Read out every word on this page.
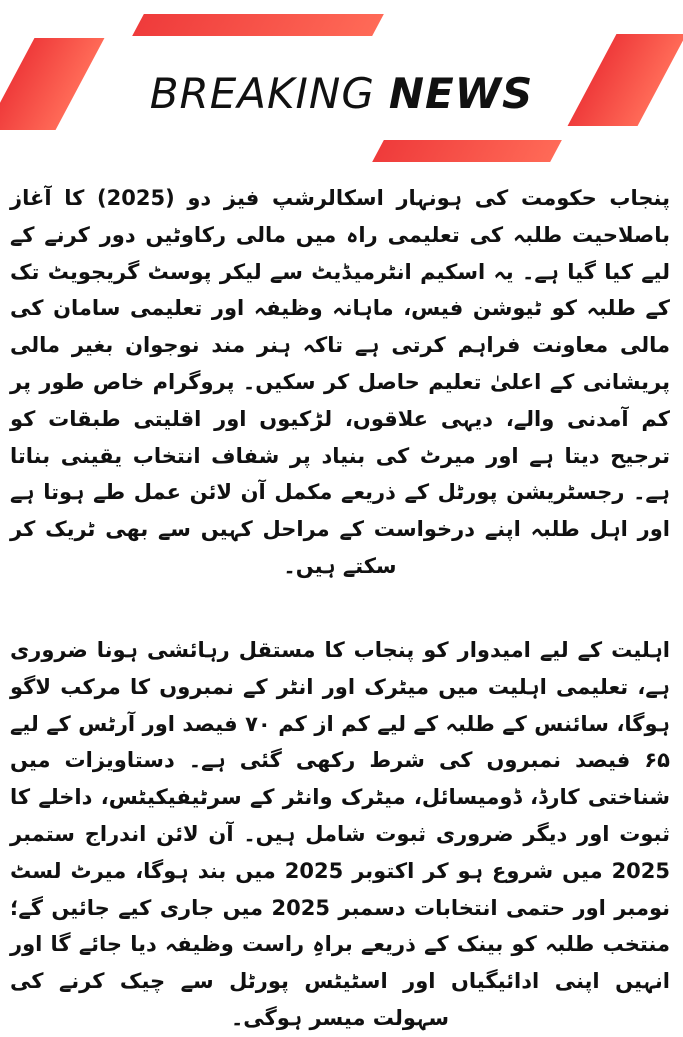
BREAKING NEWS
پنجاب حکومت کی ہونہار اسکالرشپ فیز دو (2025) کا آغاز باصلاحیت طلبہ کی تعلیمی راہ میں مالی رکاوٹیں دور کرنے کے لیے کیا گیا ہے۔ یہ اسکیم انٹرمیڈیٹ سے لیکر پوسٹ گریجویٹ تک کے طلبہ کو ٹیوشن فیس، ماہانہ وظیفہ اور تعلیمی سامان کی مالی معاونت فراہم کرتی ہے تاکہ ہنر مند نوجوان بغیر مالی پریشانی کے اعلیٰ تعلیم حاصل کر سکیں۔ پروگرام خاص طور پر کم آمدنی والے، دیہی علاقوں، لڑکیوں اور اقلیتی طبقات کو ترجیح دیتا ہے اور میرٹ کی بنیاد پر شفاف انتخاب یقینی بناتا ہے۔ رجسٹریشن پورٹل کے ذریعے مکمل آن لائن عمل طے ہوتا ہے اور اہل طلبہ اپنے درخواست کے مراحل کہیں سے بھی ٹریک کر سکتے ہیں۔
اہلیت کے لیے امیدوار کو پنجاب کا مستقل رہائشی ہونا ضروری ہے، تعلیمی اہلیت میں میٹرک اور انٹر کے نمبروں کا مرکب لاگو ہوگا، سائنس کے طلبہ کے لیے کم از کم ۷۰ فیصد اور آرٹس کے لیے ۶۵ فیصد نمبروں کی شرط رکھی گئی ہے۔ دستاویزات میں شناختی کارڈ، ڈومیسائل، میٹرک وانٹر کے سرٹیفیکیٹس، داخلے کا ثبوت اور دیگر ضروری ثبوت شامل ہیں۔ آن لائن اندراج ستمبر 2025 میں شروع ہو کر اکتوبر 2025 میں بند ہوگا، میرٹ لسٹ نومبر اور حتمی انتخابات دسمبر 2025 میں جاری کیے جائیں گے؛ منتخب طلبہ کو بینک کے ذریعے براہِ راست وظیفہ دیا جائے گا اور انہیں اپنی ادائیگیاں اور اسٹیٹس پورٹل سے چیک کرنے کی سہولت میسر ہوگی۔
